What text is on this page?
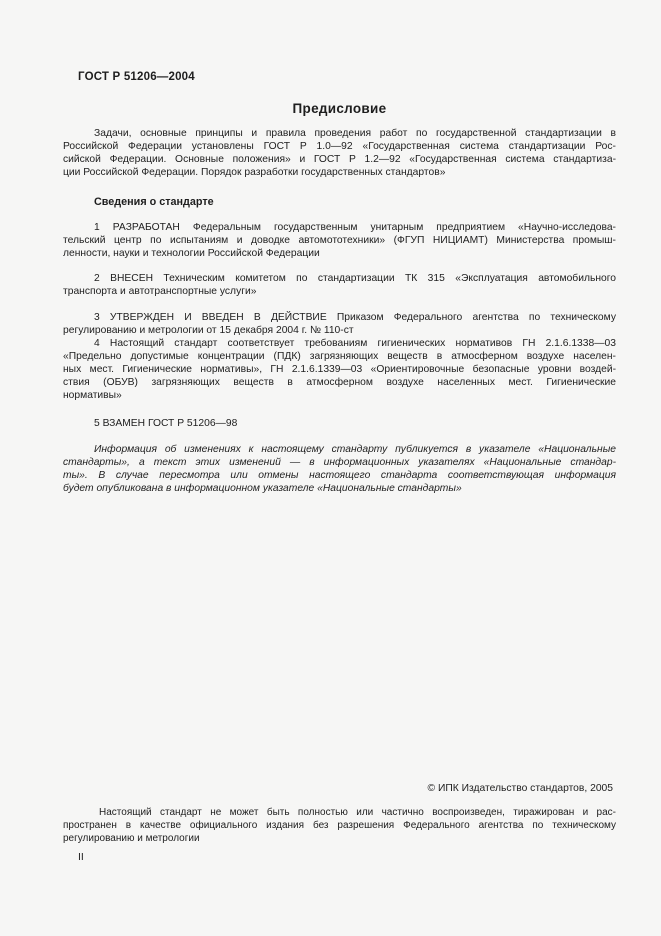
ГОСТ Р 51206—2004
Предисловие
Задачи, основные принципы и правила проведения работ по государственной стандартизации в
Российской Федерации установлены ГОСТ Р 1.0—92 «Государственная система стандартизации Рос-
сийской Федерации. Основные положения» и ГОСТ Р 1.2—92 «Государственная система стандартиза-
ции Российской Федерации. Порядок разработки государственных стандартов»
Сведения о стандарте
1 РАЗРАБОТАН Федеральным государственным унитарным предприятием «Научно-исследова-
тельский центр по испытаниям и доводке автомототехники» (ФГУП НИЦИАМТ) Министерства промыш-
ленности, науки и технологии Российской Федерации
2 ВНЕСЕН Техническим комитетом по стандартизации ТК 315 «Эксплуатация автомобильного
транспорта и автотранспортные услуги»
3 УТВЕРЖДЕН И ВВЕДЕН В ДЕЙСТВИЕ Приказом Федерального агентства по техническому
регулированию и метрологии от 15 декабря 2004 г. № 110-ст
4 Настоящий стандарт соответствует требованиям гигиенических нормативов ГН 2.1.6.1338—03
«Предельно допустимые концентрации (ПДК) загрязняющих веществ в атмосферном воздухе населен-
ных мест. Гигиенические нормативы», ГН 2.1.6.1339—03 «Ориентировочные безопасные уровни воздей-
ствия (ОБУВ) загрязняющих веществ в атмосферном воздухе населенных мест. Гигиенические
нормативы»
5 ВЗАМЕН ГОСТ Р 51206—98
Информация об изменениях к настоящему стандарту публикуется в указателе «Национальные
стандарты», а текст этих изменений — в информационных указателях «Национальные стандар-
ты». В случае пересмотра или отмены настоящего стандарта соответствующая информация
будет опубликована в информационном указателе «Национальные стандарты»
© ИПК Издательство стандартов, 2005
Настоящий стандарт не может быть полностью или частично воспроизведен, тиражирован и рас-
пространен в качестве официального издания без разрешения Федерального агентства по техническому
регулированию и метрологии
II
